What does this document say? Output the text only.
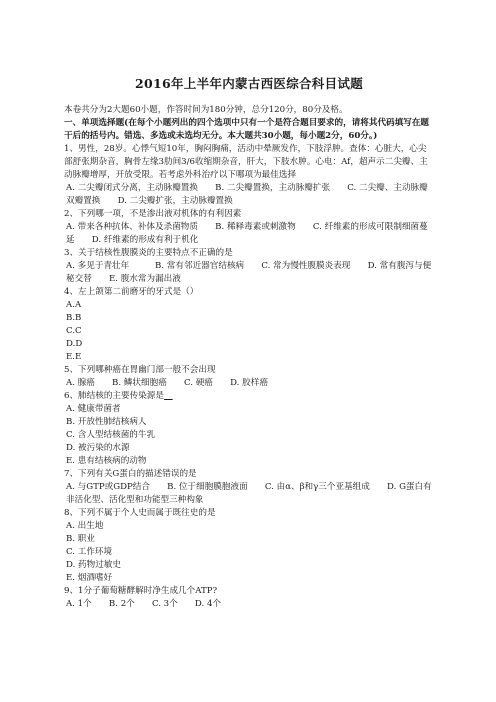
2016年上半年内蒙古西医综合科目试题

本卷共分为2大题60小题，作答时间为180分钟，总分120分，80分及格。

一、单项选择题(在每个小题列出的四个选项中只有一个是符合题目要求的，请将其代码填写在题干后的括号内。错选、多选或未选均无分。本大题共30小题，每小题2分，60分。)

1、男性，28岁。心悸气短10年，胸闷胸痛，活动中晕厥发作，下肢浮肿。查体：心脏大，心尖部舒张期杂音，胸骨左缘3肋间3/6收缩期杂音，肝大，下肢水肿。心电：Af，超声示二尖瓣、主动脉瓣增厚，开放受限。若考虑外科治疗以下哪项为最佳选择

A. 二尖瓣闭式分离，主动脉瓣置换　　B. 二尖瓣置换，主动脉瓣扩张　　C. 二尖瓣、主动脉瓣双瓣置换　　D. 二尖瓣扩张，主动脉瓣置换

2、下列哪一项，不是渗出液对机体的有利因素

A. 带来各种抗体、补体及杀菌物质　　B. 稀释毒素或刺激物　　C. 纤维素的形成可限制细菌蔓延　　D. 纤维素的形成有利于机化

3、关于结核性腹膜炎的主要特点不正确的是

A. 多见于青壮年　　　B. 常有邻近器官结核病　　C. 常为慢性腹膜炎表现　　D. 常有腹泻与便秘交替　　E. 腹水常为漏出液

4、左上颌第二前磨牙的牙式是（）

A.A

B.B

C.C

D.D

E.E

5、下列哪种癌在胃幽门部一般不会出现

A. 腺癌　　B. 鳞状细胞癌　　C. 硬癌　　D. 胶样癌

6、肺结核的主要传染源是__

A. 健康带菌者

B. 开放性肺结核病人

C. 含人型结核菌的牛乳

D. 被污染的水源

E. 患有结核病的动物

7、下列有关G蛋白的描述错误的是

A. 与GTP或GDP结合　　B. 位于细胞膜胞液面　　C. 由α、β和γ三个亚基组成　　D. G蛋白有非活化型、活化型和功能型三种构象

8、下列不属于个人史而属于既往史的是

A. 出生地

B. 职业

C. 工作环境

D. 药物过敏史

E. 烟酒嗜好

9、1分子葡萄糖酵解时净生成几个ATP?

A. 1个　　B. 2个　　C. 3个　　D. 4个
